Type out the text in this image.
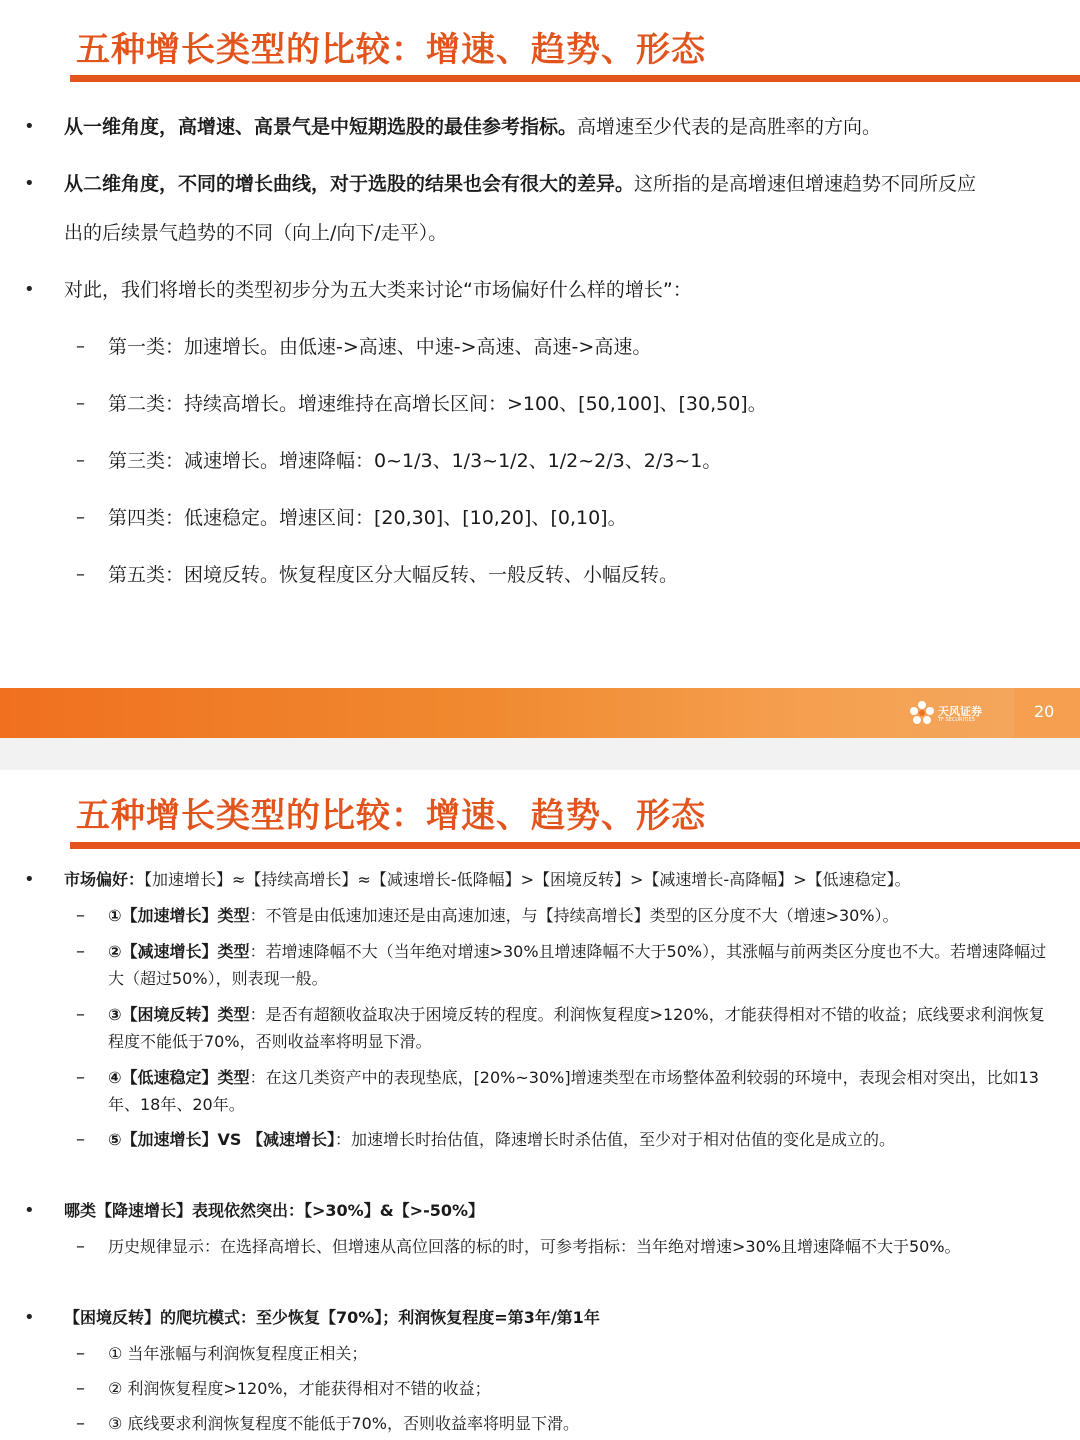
五种增长类型的比较：增速、趋势、形态
• 从一维角度，高增速、高景气是中短期选股的最佳参考指标。高增速至少代表的是高胜率的方向。
• 从二维角度，不同的增长曲线，对于选股的结果也会有很大的差异。这所指的是高增速但增速趋势不同所反应
出的后续景气趋势的不同（向上/向下/走平）。
• 对此，我们将增长的类型初步分为五大类来讨论“市场偏好什么样的增长”：
– 第一类：加速增长。由低速->高速、中速->高速、高速->高速。
– 第二类：持续高增长。增速维持在高增长区间：>100、[50,100]、[30,50]。
– 第三类：减速增长。增速降幅：0~1/3、1/3~1/2、1/2~2/3、2/3~1。
– 第四类：低速稳定。增速区间：[20,30]、[10,20]、[0,10]。
– 第五类：困境反转。恢复程度区分大幅反转、一般反转、小幅反转。
天风证券
TF SECURITIES	20
五种增长类型的比较：增速、趋势、形态
• 市场偏好：【加速增长】≈【持续高增长】≈【减速增长-低降幅】>【困境反转】>【减速增长-高降幅】>【低速稳定】。
– ①【加速增长】类型：不管是由低速加速还是由高速加速，与【持续高增长】类型的区分度不大（增速>30%）。
– ②【减速增长】类型：若增速降幅不大（当年绝对增速>30%且增速降幅不大于50%），其涨幅与前两类区分度也不大。若增速降幅过大（超过50%），则表现一般。
– ③【困境反转】类型：是否有超额收益取决于困境反转的程度。利润恢复程度>120%，才能获得相对不错的收益；底线要求利润恢复程度不能低于70%，否则收益率将明显下滑。
– ④【低速稳定】类型：在这几类资产中的表现垫底，[20%~30%]增速类型在市场整体盈利较弱的环境中，表现会相对突出，比如13年、18年、20年。
– ⑤【加速增长】VS 【减速增长】：加速增长时抬估值，降速增长时杀估值，至少对于相对估值的变化是成立的。
• 哪类【降速增长】表现依然突出：【>30%】&【>-50%】
– 历史规律显示：在选择高增长、但增速从高位回落的标的时，可参考指标：当年绝对增速>30%且增速降幅不大于50%。
• 【困境反转】的爬坑模式：至少恢复【70%】；利润恢复程度=第3年/第1年
– ① 当年涨幅与利润恢复程度正相关；
– ② 利润恢复程度>120%，才能获得相对不错的收益；
– ③ 底线要求利润恢复程度不能低于70%，否则收益率将明显下滑。
